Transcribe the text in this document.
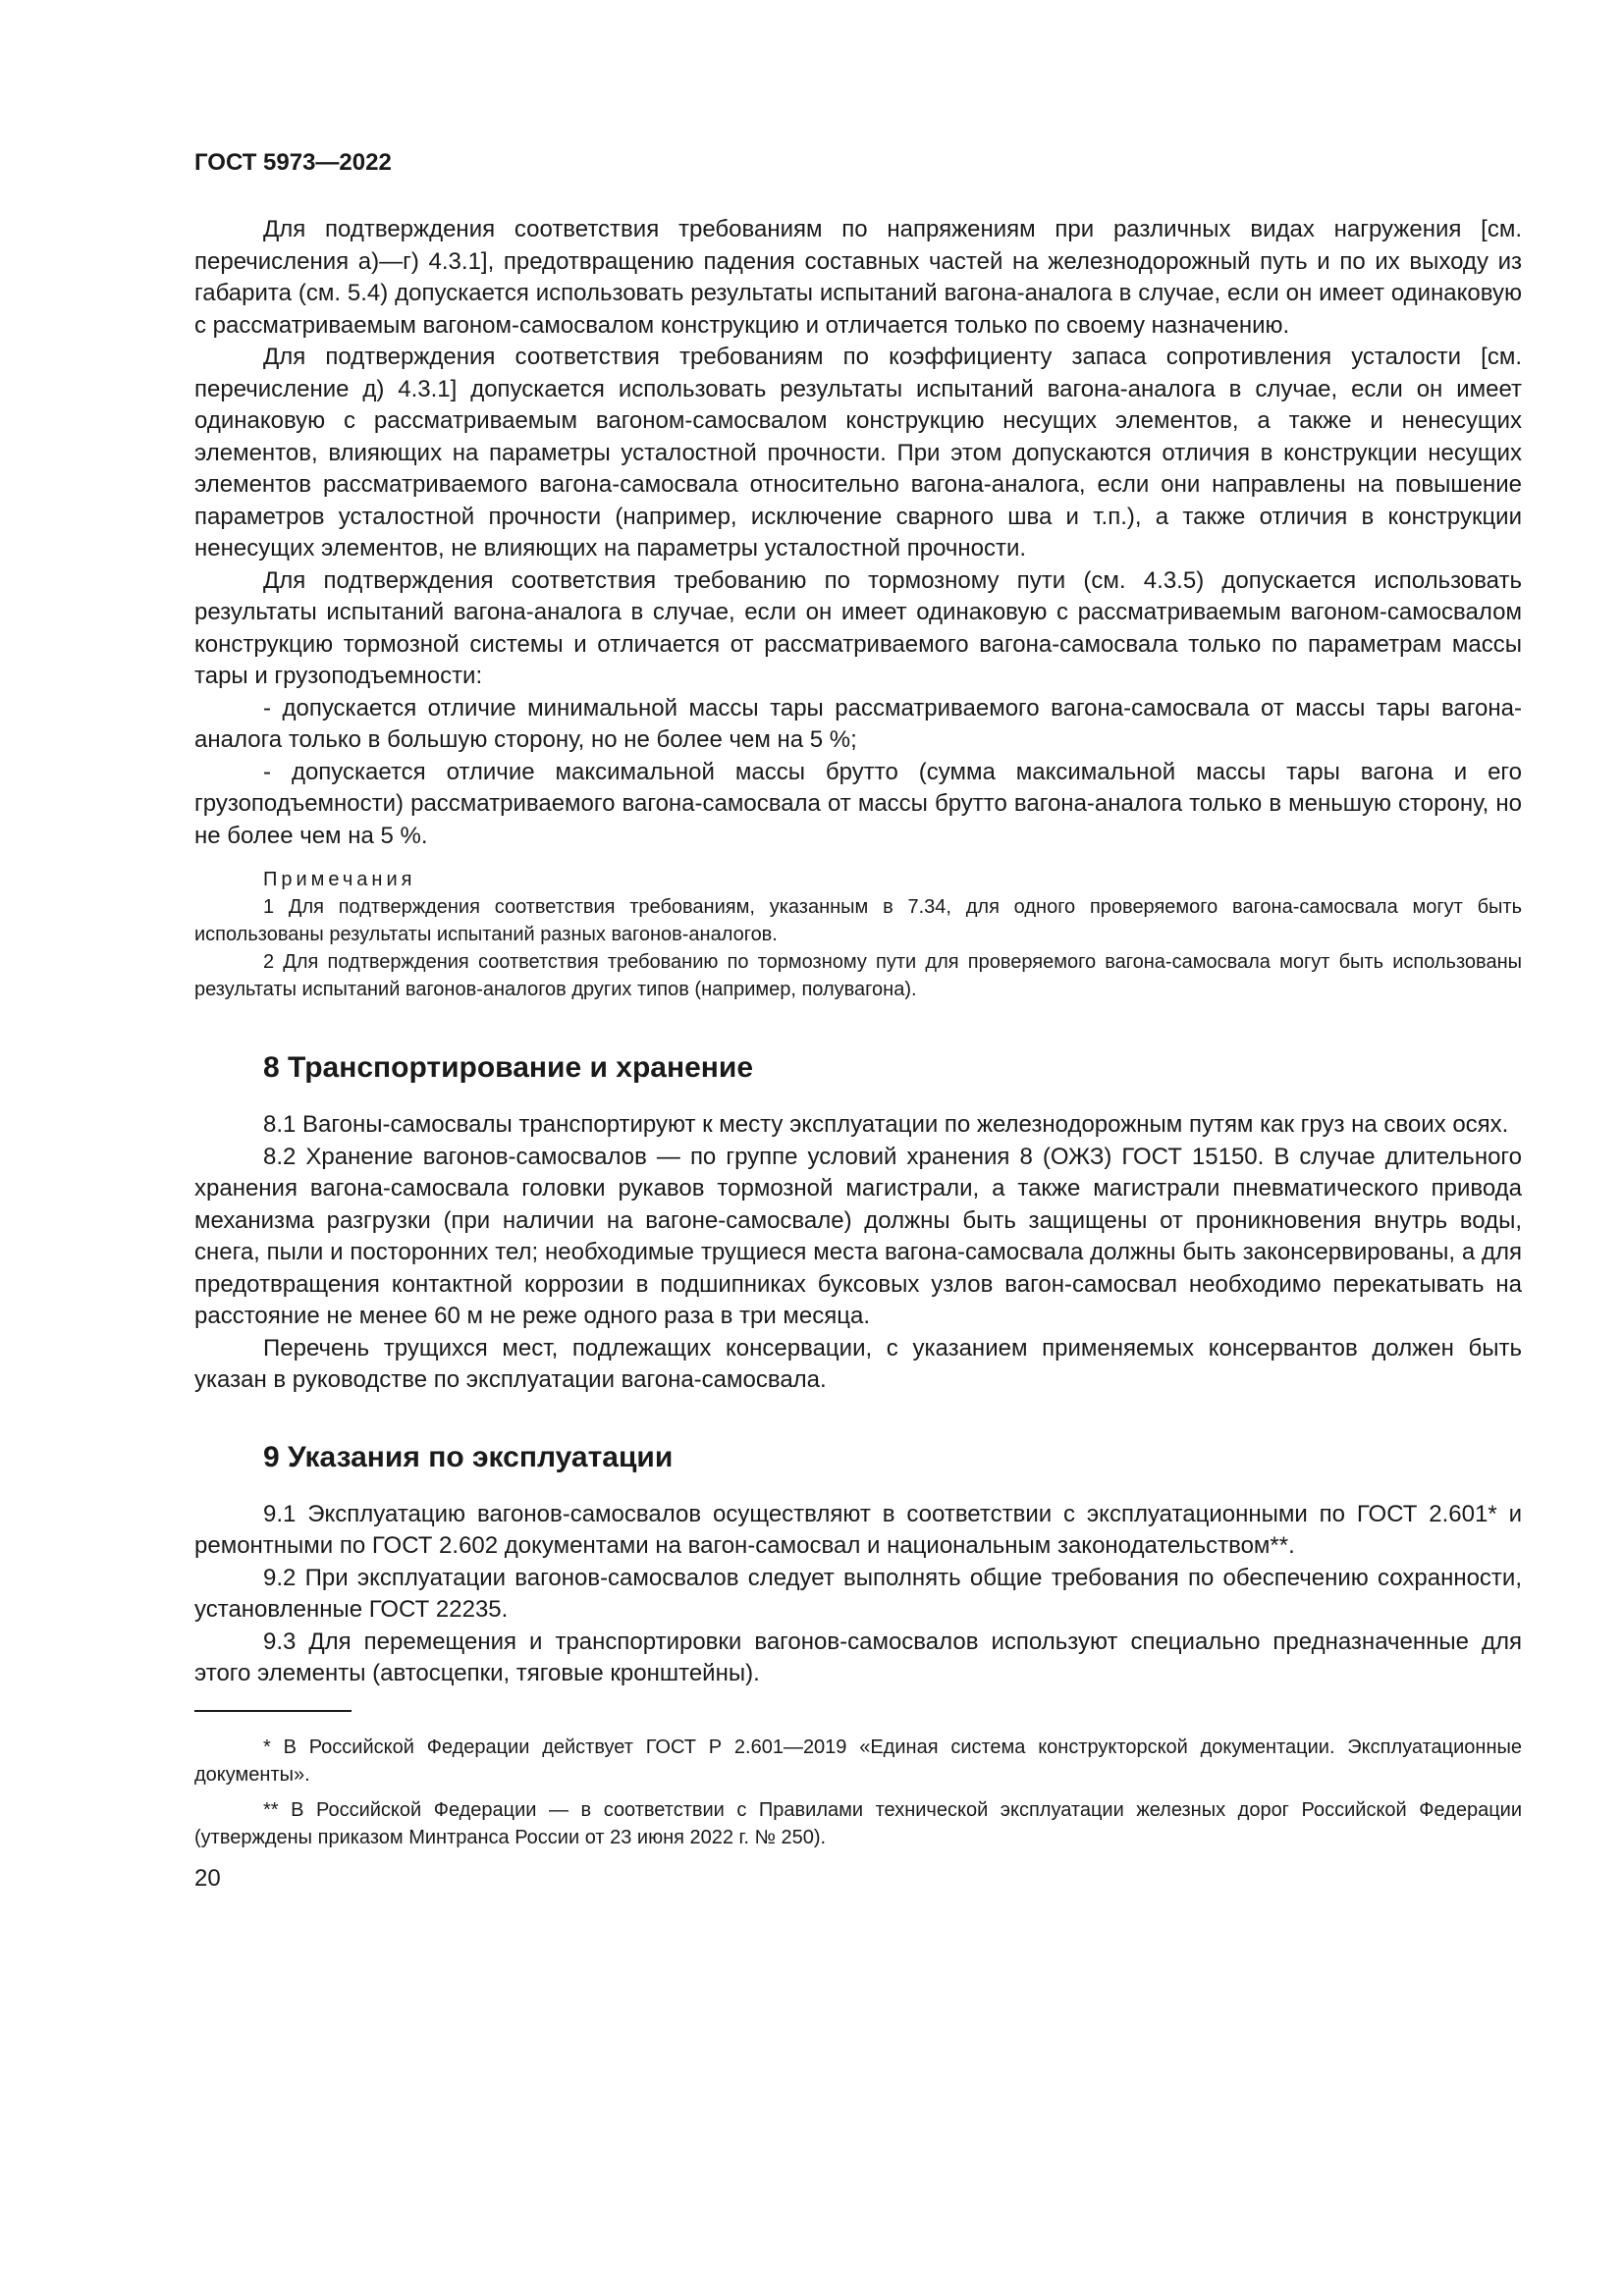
ГОСТ 5973—2022

Для подтверждения соответствия требованиям по напряжениям при различных видах нагружения [см. перечисления а)—г) 4.3.1], предотвращению падения составных частей на железнодорожный путь и по их выходу из габарита (см. 5.4) допускается использовать результаты испытаний вагона-аналога в случае, если он имеет одинаковую с рассматриваемым вагоном-самосвалом конструкцию и отличается только по своему назначению.

Для подтверждения соответствия требованиям по коэффициенту запаса сопротивления усталости [см. перечисление д) 4.3.1] допускается использовать результаты испытаний вагона-аналога в случае, если он имеет одинаковую с рассматриваемым вагоном-самосвалом конструкцию несущих элементов, а также и ненесущих элементов, влияющих на параметры усталостной прочности. При этом допускаются отличия в конструкции несущих элементов рассматриваемого вагона-самосвала относительно вагона-аналога, если они направлены на повышение параметров усталостной прочности (например, исключение сварного шва и т.п.), а также отличия в конструкции ненесущих элементов, не влияющих на параметры усталостной прочности.

Для подтверждения соответствия требованию по тормозному пути (см. 4.3.5) допускается использовать результаты испытаний вагона-аналога в случае, если он имеет одинаковую с рассматриваемым вагоном-самосвалом конструкцию тормозной системы и отличается от рассматриваемого вагона-самосвала только по параметрам массы тары и грузоподъемности:

- допускается отличие минимальной массы тары рассматриваемого вагона-самосвала от массы тары вагона-аналога только в большую сторону, но не более чем на 5 %;

- допускается отличие максимальной массы брутто (сумма максимальной массы тары вагона и его грузоподъемности) рассматриваемого вагона-самосвала от массы брутто вагона-аналога только в меньшую сторону, но не более чем на 5 %.

Примечания

1 Для подтверждения соответствия требованиям, указанным в 7.34, для одного проверяемого вагона-самосвала могут быть использованы результаты испытаний разных вагонов-аналогов.

2 Для подтверждения соответствия требованию по тормозному пути для проверяемого вагона-самосвала могут быть использованы результаты испытаний вагонов-аналогов других типов (например, полувагона).

8 Транспортирование и хранение

8.1 Вагоны-самосвалы транспортируют к месту эксплуатации по железнодорожным путям как груз на своих осях.

8.2 Хранение вагонов-самосвалов — по группе условий хранения 8 (ОЖЗ) ГОСТ 15150. В случае длительного хранения вагона-самосвала головки рукавов тормозной магистрали, а также магистрали пневматического привода механизма разгрузки (при наличии на вагоне-самосвале) должны быть защищены от проникновения внутрь воды, снега, пыли и посторонних тел; необходимые трущиеся места вагона-самосвала должны быть законсервированы, а для предотвращения контактной коррозии в подшипниках буксовых узлов вагон-самосвал необходимо перекатывать на расстояние не менее 60 м не реже одного раза в три месяца.

Перечень трущихся мест, подлежащих консервации, с указанием применяемых консервантов должен быть указан в руководстве по эксплуатации вагона-самосвала.

9 Указания по эксплуатации

9.1 Эксплуатацию вагонов-самосвалов осуществляют в соответствии с эксплуатационными по ГОСТ 2.601* и ремонтными по ГОСТ 2.602 документами на вагон-самосвал и национальным законодательством**.

9.2 При эксплуатации вагонов-самосвалов следует выполнять общие требования по обеспечению сохранности, установленные ГОСТ 22235.

9.3 Для перемещения и транспортировки вагонов-самосвалов используют специально предназначенные для этого элементы (автосцепки, тяговые кронштейны).

* В Российской Федерации действует ГОСТ Р 2.601—2019 «Единая система конструкторской документации. Эксплуатационные документы».

** В Российской Федерации — в соответствии с Правилами технической эксплуатации железных дорог Российской Федерации (утверждены приказом Минтранса России от 23 июня 2022 г. № 250).

20
